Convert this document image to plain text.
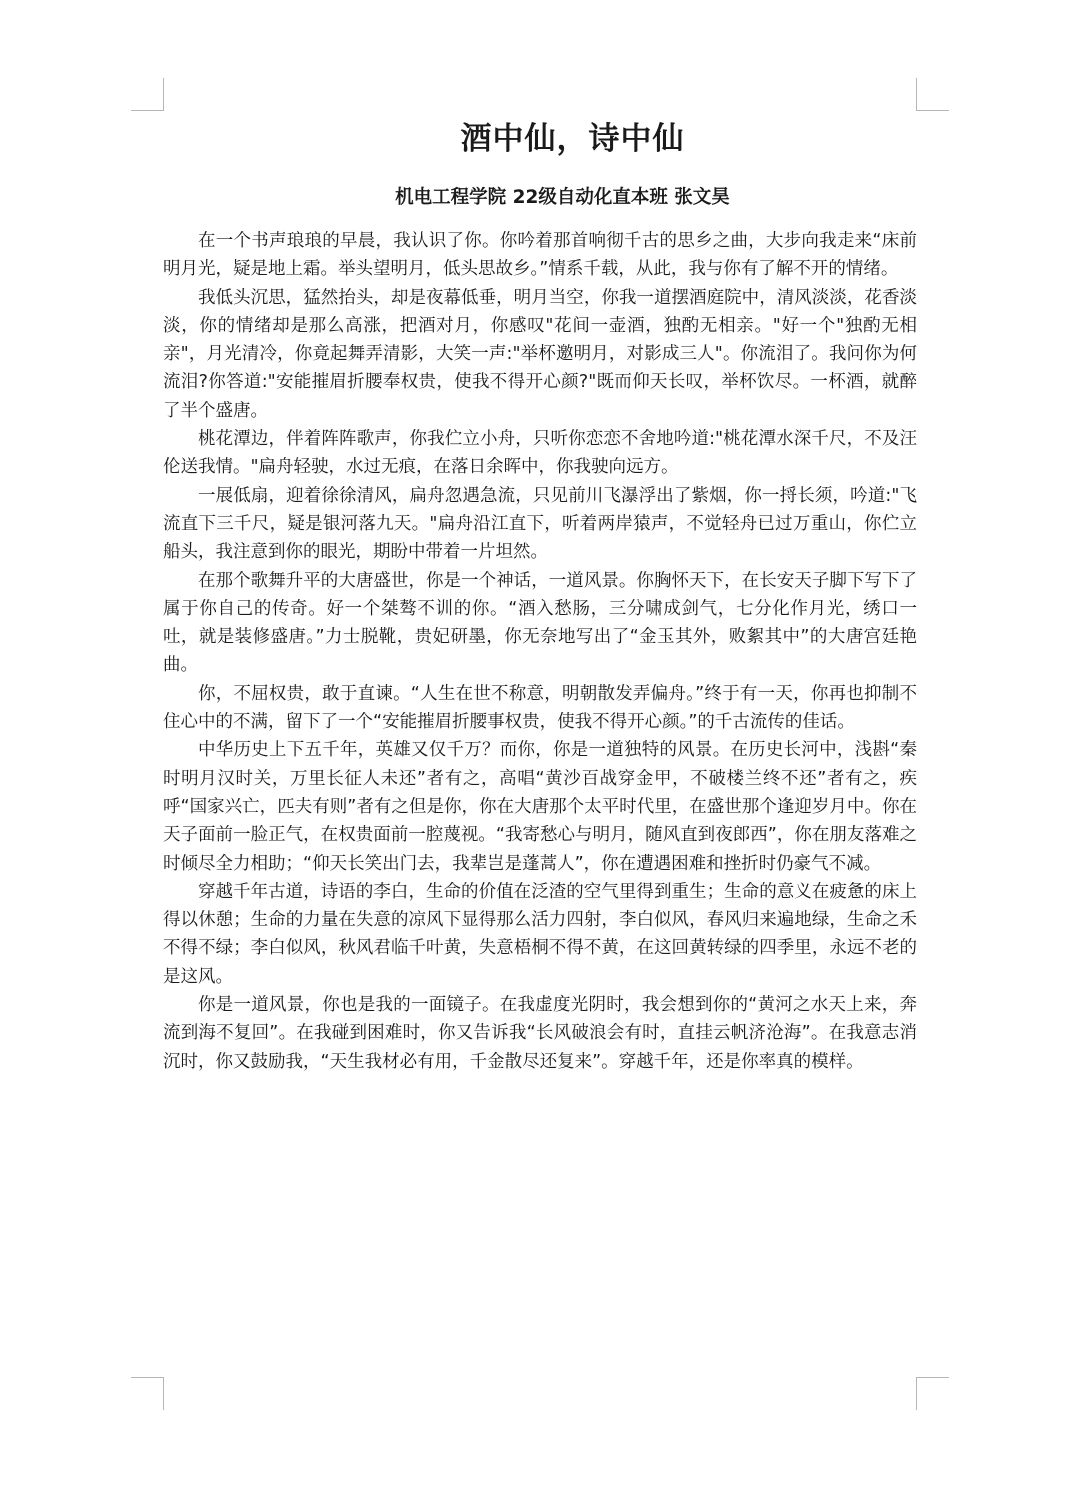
酒中仙，诗中仙
机电工程学院 22级自动化直本班 张文昊

在一个书声琅琅的早晨，我认识了你。你吟着那首响彻千古的思乡之曲，大步向我走来“床前明月光，疑是地上霜。举头望明月，低头思故乡。”情系千载，从此，我与你有了解不开的情绪。

我低头沉思，猛然抬头，却是夜幕低垂，明月当空，你我一道摆酒庭院中，清风淡淡，花香淡淡，你的情绪却是那么高涨，把酒对月，你感叹"花间一壶酒，独酌无相亲。"好一个"独酌无相亲"，月光清冷，你竟起舞弄清影，大笑一声:"举杯邀明月，对影成三人"。你流泪了。我问你为何流泪?你答道:"安能摧眉折腰奉权贵，使我不得开心颜?"既而仰天长叹，举杯饮尽。一杯酒，就醉了半个盛唐。

桃花潭边，伴着阵阵歌声，你我伫立小舟，只听你恋恋不舍地吟道:"桃花潭水深千尺，不及汪伦送我情。"扁舟轻驶，水过无痕，在落日余晖中，你我驶向远方。

一展低扇，迎着徐徐清风，扁舟忽遇急流，只见前川飞瀑浮出了紫烟，你一捋长须，吟道:"飞流直下三千尺，疑是银河落九天。"扁舟沿江直下，听着两岸猿声，不觉轻舟已过万重山，你伫立船头，我注意到你的眼光，期盼中带着一片坦然。

在那个歌舞升平的大唐盛世，你是一个神话，一道风景。你胸怀天下，在长安天子脚下写下了属于你自己的传奇。好一个桀骜不训的你。“酒入愁肠，三分啸成剑气，七分化作月光，绣口一吐，就是装修盛唐。”力士脱靴，贵妃研墨，你无奈地写出了“金玉其外，败絮其中”的大唐宫廷艳曲。

你，不屈权贵，敢于直谏。“人生在世不称意，明朝散发弄偏舟。”终于有一天，你再也抑制不住心中的不满，留下了一个“安能摧眉折腰事权贵，使我不得开心颜。”的千古流传的佳话。

中华历史上下五千年，英雄又仅千万？而你，你是一道独特的风景。在历史长河中，浅斟“秦时明月汉时关，万里长征人未还”者有之，高唱“黄沙百战穿金甲，不破楼兰终不还”者有之，疾呼“国家兴亡，匹夫有则”者有之但是你，你在大唐那个太平时代里，在盛世那个逢迎岁月中。你在天子面前一脸正气，在权贵面前一腔蔑视。“我寄愁心与明月，随风直到夜郎西”，你在朋友落难之时倾尽全力相助；“仰天长笑出门去，我辈岂是蓬蒿人”，你在遭遇困难和挫折时仍豪气不减。

穿越千年古道，诗语的李白，生命的价值在泛渣的空气里得到重生；生命的意义在疲惫的床上得以休憩；生命的力量在失意的凉风下显得那么活力四射，李白似风，春风归来遍地绿，生命之禾不得不绿；李白似风，秋风君临千叶黄，失意梧桐不得不黄，在这回黄转绿的四季里，永远不老的是这风。

你是一道风景，你也是我的一面镜子。在我虚度光阴时，我会想到你的“黄河之水天上来，奔流到海不复回”。在我碰到困难时，你又告诉我“长风破浪会有时，直挂云帆济沧海”。在我意志消沉时，你又鼓励我，“天生我材必有用，千金散尽还复来”。穿越千年，还是你率真的模样。
